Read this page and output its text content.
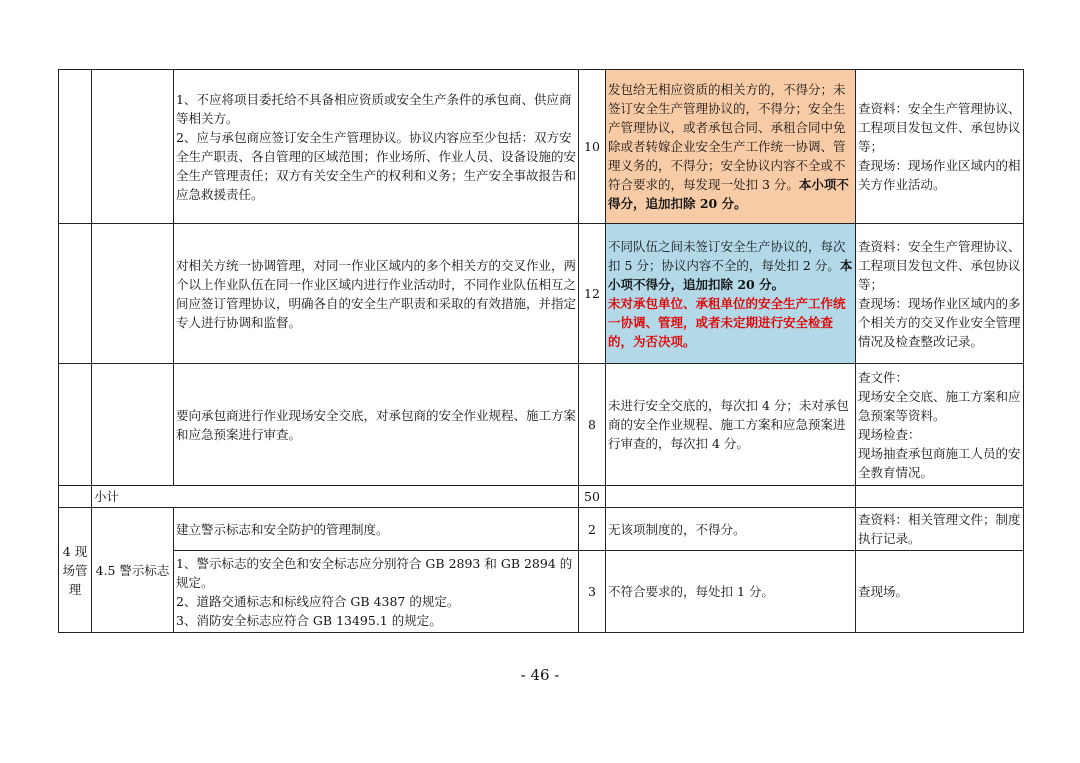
		1、不应将项目委托给不具备相应资质或安全生产条件的承包商、供应商等相关方。
2、应与承包商应签订安全生产管理协议。协议内容应至少包括：双方安全生产职责、各自管理的区域范围；作业场所、作业人员、设备设施的安全生产管理责任；双方有关安全生产的权利和义务；生产安全事故报告和应急救援责任。	10	发包给无相应资质的相关方的，不得分；未签订安全生产管理协议的，不得分；安全生产管理协议，或者承包合同、承租合同中免除或者转嫁企业安全生产工作统一协调、管理义务的，不得分；安全协议内容不全或不符合要求的，每发现一处扣 3 分。本小项不得分，追加扣除 20 分。	查资料：安全生产管理协议、工程项目发包文件、承包协议等；
查现场：现场作业区域内的相关方作业活动。
		对相关方统一协调管理，对同一作业区域内的多个相关方的交叉作业，两个以上作业队伍在同一作业区域内进行作业活动时，不同作业队伍相互之间应签订管理协议，明确各自的安全生产职责和采取的有效措施，并指定专人进行协调和监督。	12	不同队伍之间未签订安全生产协议的，每次扣 5 分；协议内容不全的，每处扣 2 分。本小项不得分，追加扣除 20 分。
未对承包单位、承租单位的安全生产工作统一协调、管理，或者未定期进行安全检查的，为否决项。	查资料：安全生产管理协议、工程项目发包文件、承包协议等；
查现场：现场作业区域内的多个相关方的交叉作业安全管理情况及检查整改记录。
		要向承包商进行作业现场安全交底，对承包商的安全作业规程、施工方案和应急预案进行审查。	8	未进行安全交底的，每次扣 4 分；未对承包商的安全作业规程、施工方案和应急预案进行审查的，每次扣 4 分。	查文件：
现场安全交底、施工方案和应急预案等资料。
现场检查：
现场抽查承包商施工人员的安全教育情况。
	小计		50		
4 现场管理	4.5 警示标志	建立警示标志和安全防护的管理制度。	2	无该项制度的，不得分。	查资料：相关管理文件；制度执行记录。
		1、警示标志的安全色和安全标志应分别符合 GB 2893 和 GB 2894 的规定。
2、道路交通标志和标线应符合 GB 4387 的规定。
3、消防安全标志应符合 GB 13495.1 的规定。	3	不符合要求的，每处扣 1 分。	查现场。
- 46 -
